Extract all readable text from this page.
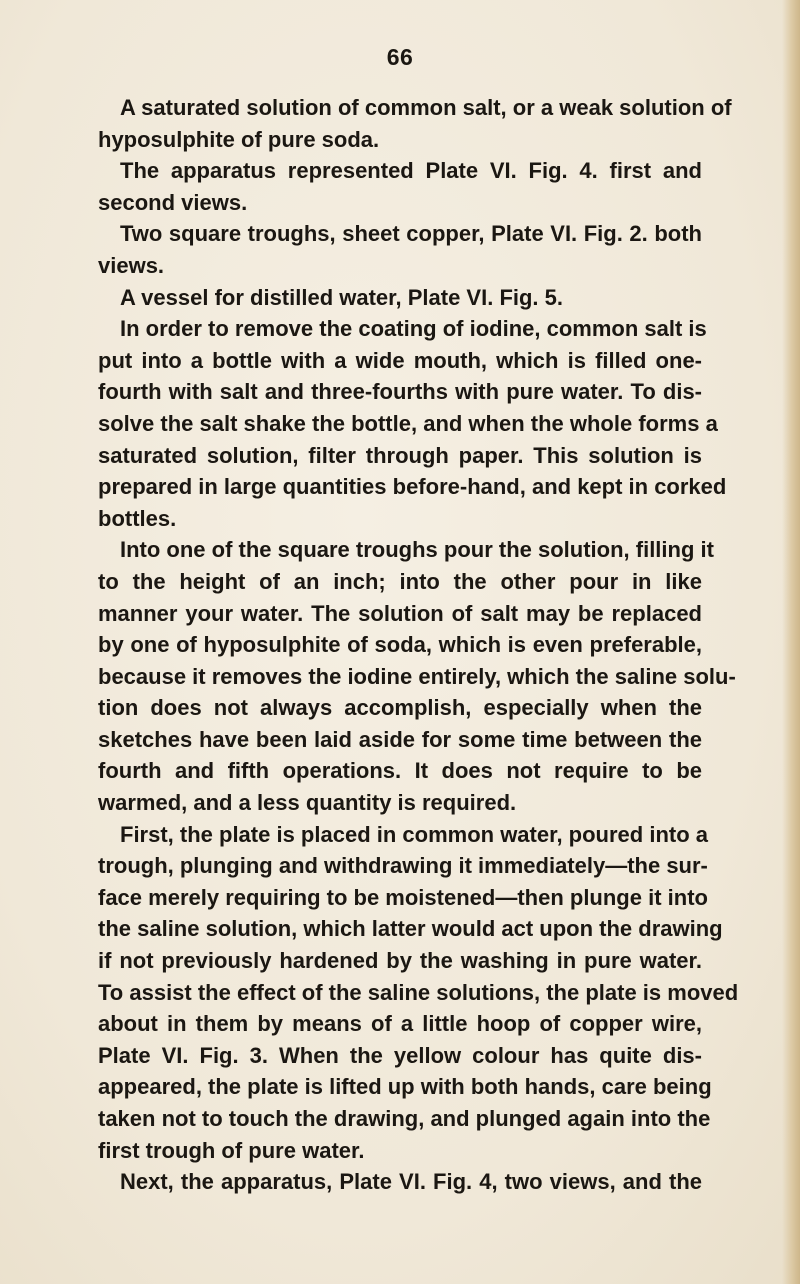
66
A saturated solution of common salt, or a weak solution of
hyposulphite of pure soda.
The apparatus represented Plate VI. Fig. 4. first and
second views.
Two square troughs, sheet copper, Plate VI. Fig. 2. both
views.
A vessel for distilled water, Plate VI. Fig. 5.
In order to remove the coating of iodine, common salt is
put into a bottle with a wide mouth, which is filled one-
fourth with salt and three-fourths with pure water. To dis-
solve the salt shake the bottle, and when the whole forms a
saturated solution, filter through paper. This solution is
prepared in large quantities before-hand, and kept in corked
bottles.
Into one of the square troughs pour the solution, filling it
to the height of an inch; into the other pour in like
manner your water. The solution of salt may be replaced
by one of hyposulphite of soda, which is even preferable,
because it removes the iodine entirely, which the saline solu-
tion does not always accomplish, especially when the
sketches have been laid aside for some time between the
fourth and fifth operations. It does not require to be
warmed, and a less quantity is required.
First, the plate is placed in common water, poured into a
trough, plunging and withdrawing it immediately—the sur-
face merely requiring to be moistened—then plunge it into
the saline solution, which latter would act upon the drawing
if not previously hardened by the washing in pure water.
To assist the effect of the saline solutions, the plate is moved
about in them by means of a little hoop of copper wire,
Plate VI. Fig. 3. When the yellow colour has quite dis-
appeared, the plate is lifted up with both hands, care being
taken not to touch the drawing, and plunged again into the
first trough of pure water.
Next, the apparatus, Plate VI. Fig. 4, two views, and the
